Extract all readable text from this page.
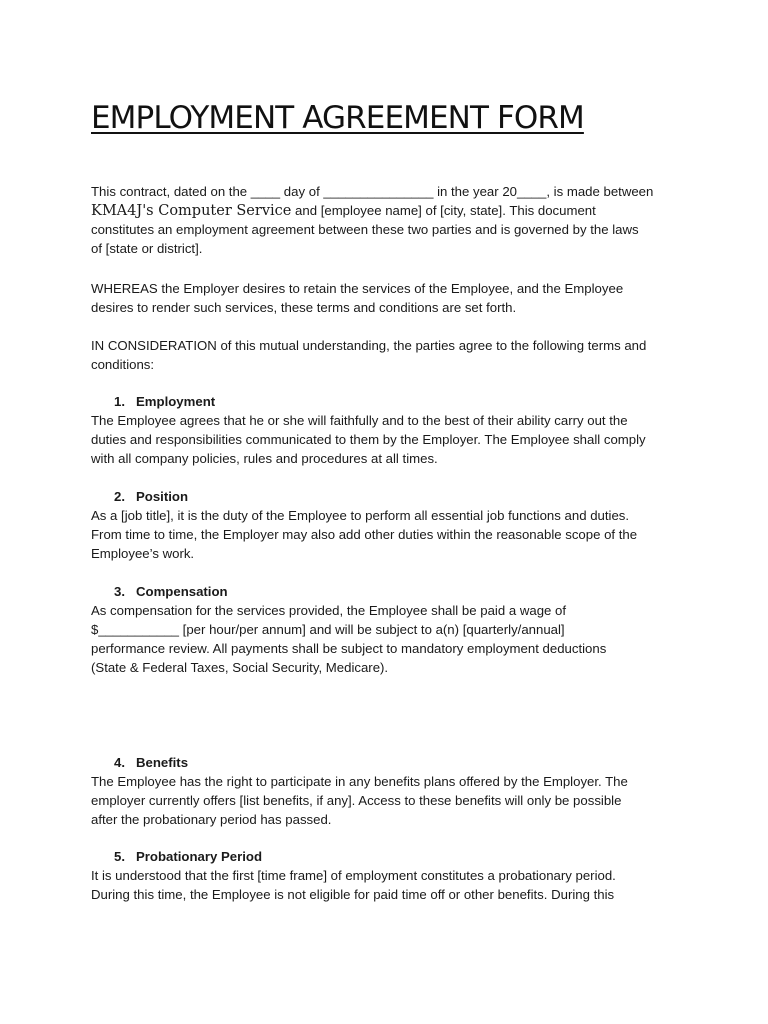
EMPLOYMENT AGREEMENT FORM
This contract, dated on the ____ day of _______________ in the year 20____, is made between
KMA4J's Computer Service and [employee name] of [city, state]. This document
constitutes an employment agreement between these two parties and is governed by the laws
of [state or district].
WHEREAS the Employer desires to retain the services of the Employee, and the Employee
desires to render such services, these terms and conditions are set forth.
IN CONSIDERATION of this mutual understanding, the parties agree to the following terms and
conditions:

1. Employment

The Employee agrees that he or she will faithfully and to the best of their ability carry out the
duties and responsibilities communicated to them by the Employer. The Employee shall comply
with all company policies, rules and procedures at all times.

2. Position

As a [job title], it is the duty of the Employee to perform all essential job functions and duties.
From time to time, the Employer may also add other duties within the reasonable scope of the
Employee’s work.

3. Compensation

As compensation for the services provided, the Employee shall be paid a wage of
$___________ [per hour/per annum] and will be subject to a(n) [quarterly/annual]
performance review. All payments shall be subject to mandatory employment deductions
(State & Federal Taxes, Social Security, Medicare).

4. Benefits

The Employee has the right to participate in any benefits plans offered by the Employer. The
employer currently offers [list benefits, if any]. Access to these benefits will only be possible
after the probationary period has passed.

5. Probationary Period

It is understood that the first [time frame] of employment constitutes a probationary period.
During this time, the Employee is not eligible for paid time off or other benefits. During this
